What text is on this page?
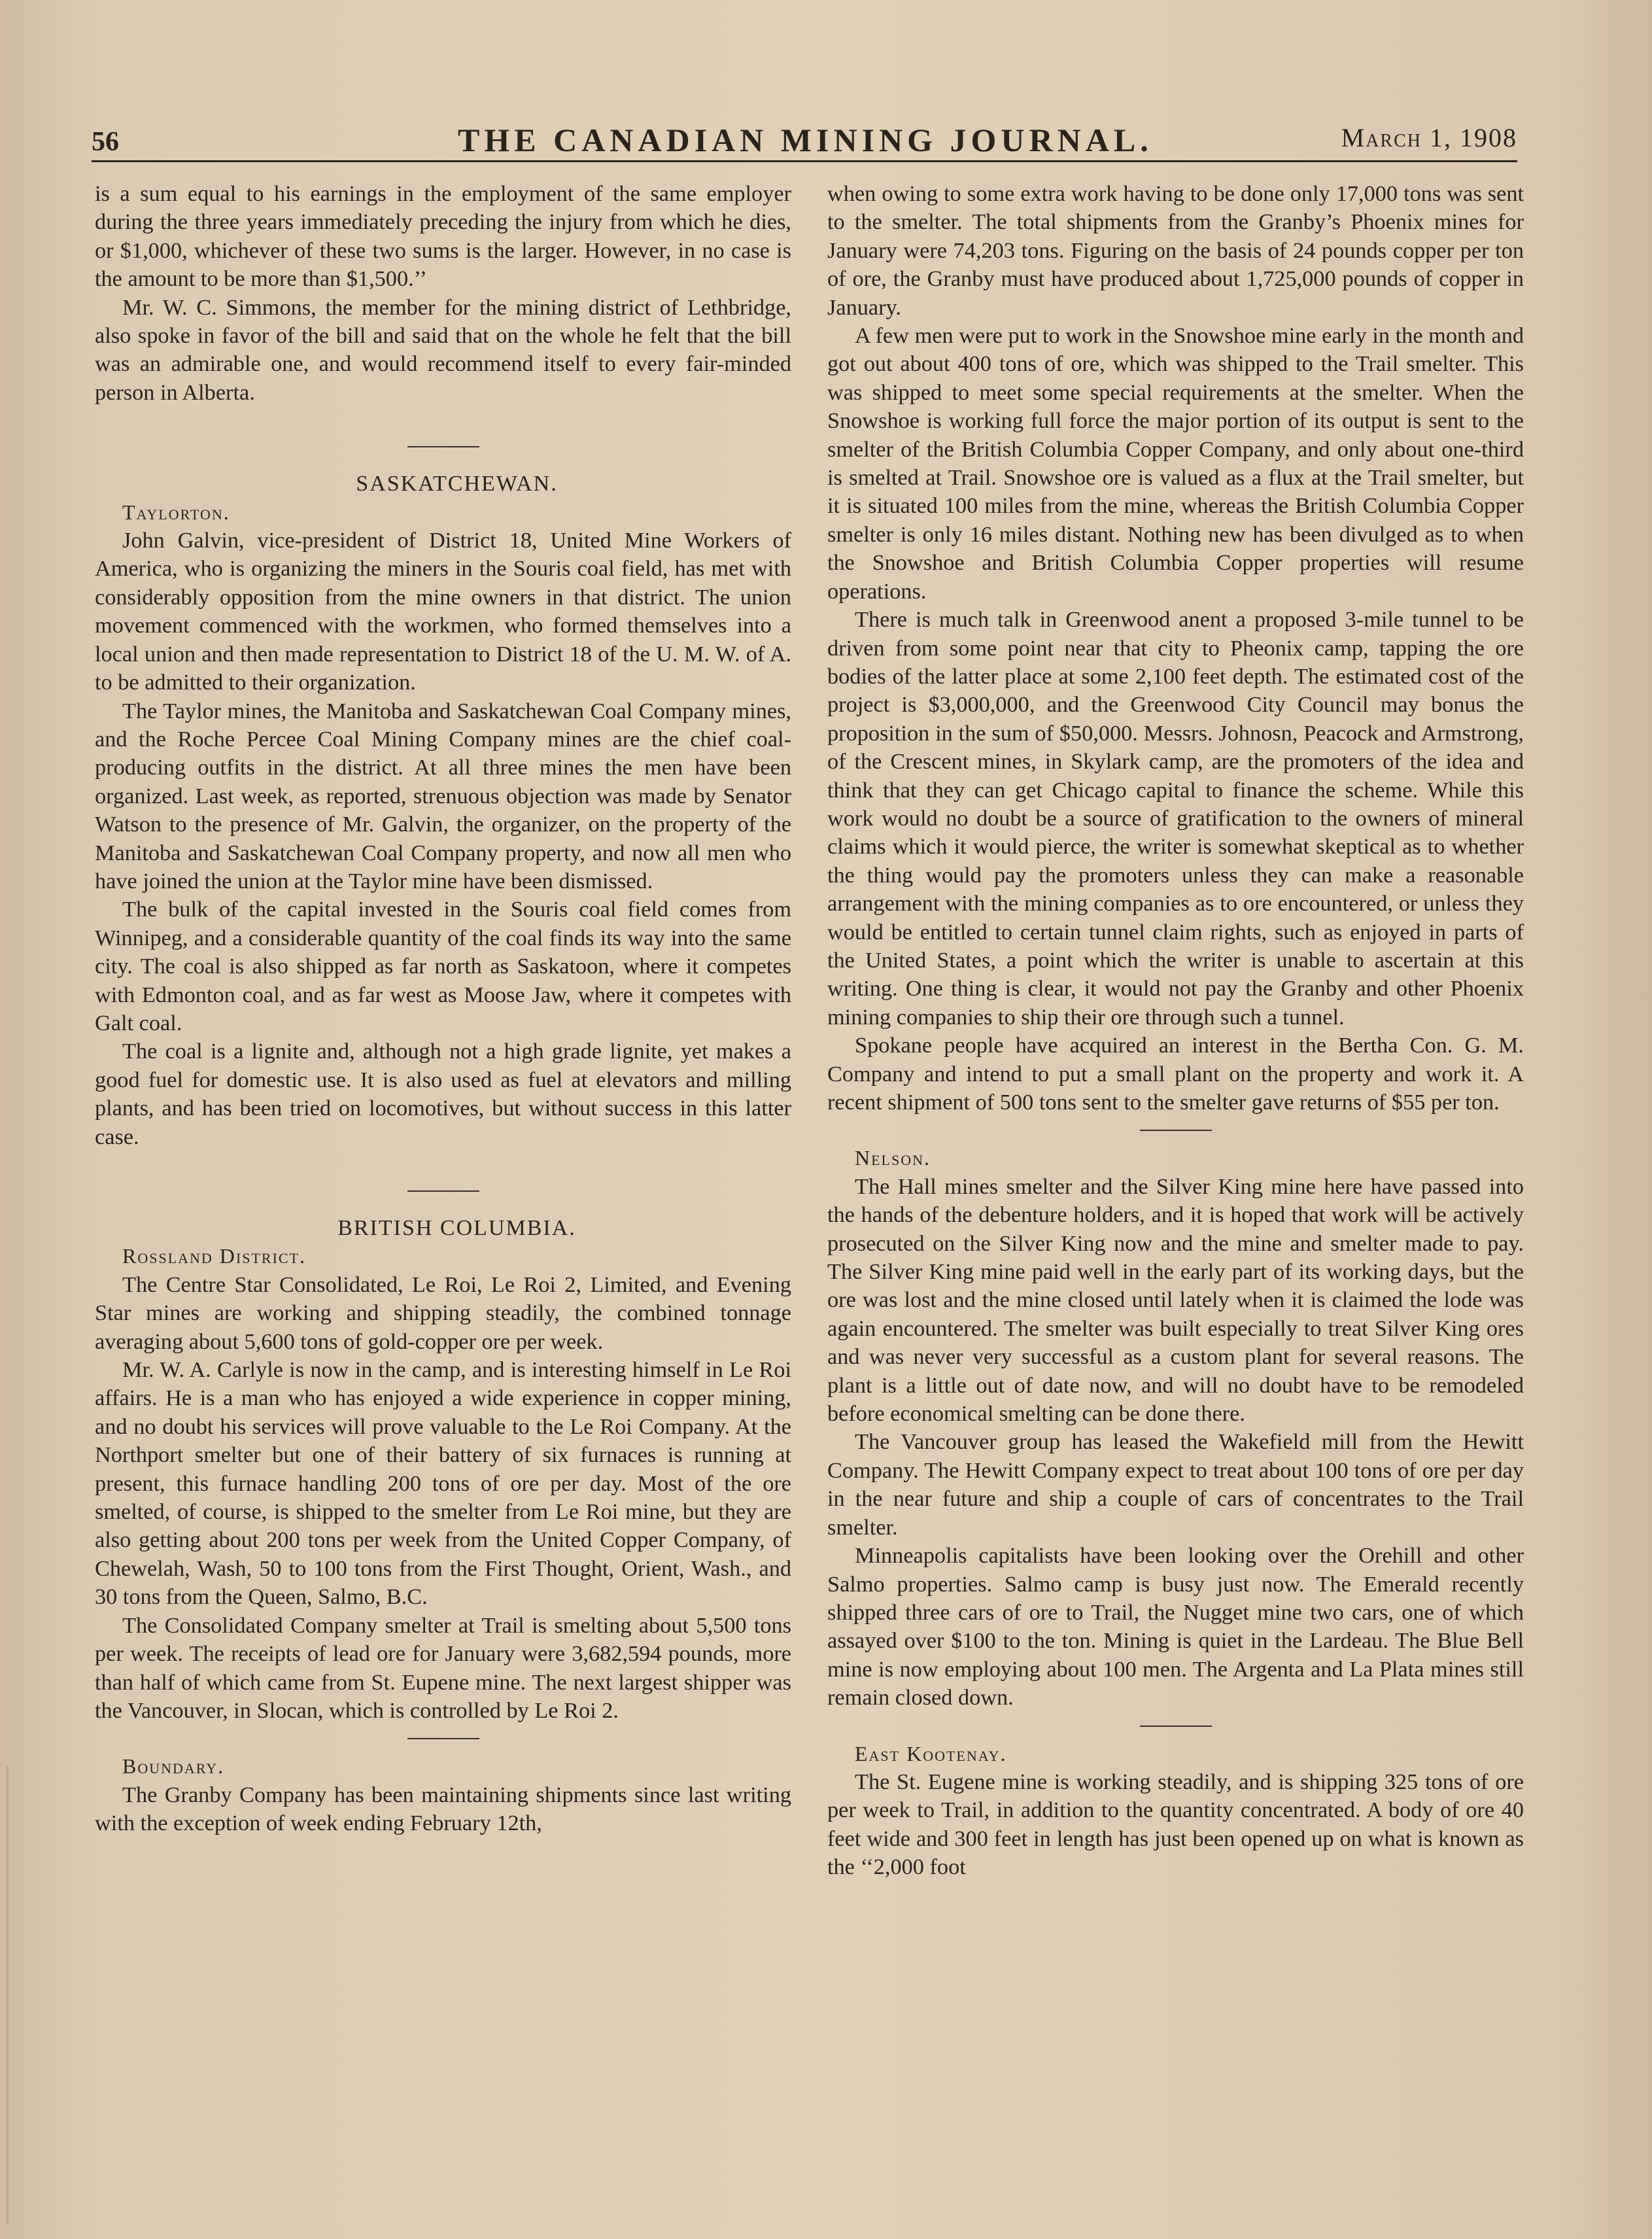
56	THE CANADIAN MINING JOURNAL.	March 1, 1908

is a sum equal to his earnings in the employment of the same employer during the three years immediately preceding the injury from which he dies, or $1,000, whichever of these two sums is the larger. However, in no case is the amount to be more than $1,500.’’

Mr. W. C. Simmons, the member for the mining district of Lethbridge, also spoke in favor of the bill and said that on the whole he felt that the bill was an admirable one, and would recommend itself to every fair-minded person in Alberta.

SASKATCHEWAN.

Taylorton.

John Galvin, vice-president of District 18, United Mine Workers of America, who is organizing the miners in the Souris coal field, has met with considerably opposition from the mine owners in that district. The union movement commenced with the workmen, who formed themselves into a local union and then made representation to District 18 of the U. M. W. of A. to be admitted to their organization.

The Taylor mines, the Manitoba and Saskatchewan Coal Company mines, and the Roche Percee Coal Mining Company mines are the chief coal-producing outfits in the district. At all three mines the men have been organized. Last week, as reported, strenuous objection was made by Senator Watson to the presence of Mr. Galvin, the organizer, on the property of the Manitoba and Saskatchewan Coal Company property, and now all men who have joined the union at the Taylor mine have been dismissed.

The bulk of the capital invested in the Souris coal field comes from Winnipeg, and a considerable quantity of the coal finds its way into the same city. The coal is also shipped as far north as Saskatoon, where it competes with Edmonton coal, and as far west as Moose Jaw, where it competes with Galt coal.

The coal is a lignite and, although not a high grade lignite, yet makes a good fuel for domestic use. It is also used as fuel at elevators and milling plants, and has been tried on locomotives, but without success in this latter case.

BRITISH COLUMBIA.

Rossland District.

The Centre Star Consolidated, Le Roi, Le Roi 2, Limited, and Evening Star mines are working and shipping steadily, the combined tonnage averaging about 5,600 tons of gold-copper ore per week.

Mr. W. A. Carlyle is now in the camp, and is interesting himself in Le Roi affairs. He is a man who has enjoyed a wide experience in copper mining, and no doubt his services will prove valuable to the Le Roi Company. At the Northport smelter but one of their battery of six furnaces is running at present, this furnace handling 200 tons of ore per day. Most of the ore smelted, of course, is shipped to the smelter from Le Roi mine, but they are also getting about 200 tons per week from the United Copper Company, of Chewelah, Wash, 50 to 100 tons from the First Thought, Orient, Wash., and 30 tons from the Queen, Salmo, B.C.

The Consolidated Company smelter at Trail is smelting about 5,500 tons per week. The receipts of lead ore for January were 3,682,594 pounds, more than half of which came from St. Eupene mine. The next largest shipper was the Vancouver, in Slocan, which is controlled by Le Roi 2.

Boundary.

The Granby Company has been maintaining shipments since last writing with the exception of week ending February 12th,

when owing to some extra work having to be done only 17,000 tons was sent to the smelter. The total shipments from the Granby’s Phoenix mines for January were 74,203 tons. Figuring on the basis of 24 pounds copper per ton of ore, the Granby must have produced about 1,725,000 pounds of copper in January.

A few men were put to work in the Snowshoe mine early in the month and got out about 400 tons of ore, which was shipped to the Trail smelter. This was shipped to meet some special requirements at the smelter. When the Snowshoe is working full force the major portion of its output is sent to the smelter of the British Columbia Copper Company, and only about one-third is smelted at Trail. Snowshoe ore is valued as a flux at the Trail smelter, but it is situated 100 miles from the mine, whereas the British Columbia Copper smelter is only 16 miles distant. Nothing new has been divulged as to when the Snowshoe and British Columbia Copper properties will resume operations.

There is much talk in Greenwood anent a proposed 3-mile tunnel to be driven from some point near that city to Pheonix camp, tapping the ore bodies of the latter place at some 2,100 feet depth. The estimated cost of the project is $3,000,000, and the Greenwood City Council may bonus the proposition in the sum of $50,000. Messrs. Johnosn, Peacock and Armstrong, of the Crescent mines, in Skylark camp, are the promoters of the idea and think that they can get Chicago capital to finance the scheme. While this work would no doubt be a source of gratification to the owners of mineral claims which it would pierce, the writer is somewhat skeptical as to whether the thing would pay the promoters unless they can make a reasonable arrangement with the mining companies as to ore encountered, or unless they would be entitled to certain tunnel claim rights, such as enjoyed in parts of the United States, a point which the writer is unable to ascertain at this writing. One thing is clear, it would not pay the Granby and other Phoenix mining companies to ship their ore through such a tunnel.

Spokane people have acquired an interest in the Bertha Con. G. M. Company and intend to put a small plant on the property and work it. A recent shipment of 500 tons sent to the smelter gave returns of $55 per ton.

Nelson.

The Hall mines smelter and the Silver King mine here have passed into the hands of the debenture holders, and it is hoped that work will be actively prosecuted on the Silver King now and the mine and smelter made to pay. The Silver King mine paid well in the early part of its working days, but the ore was lost and the mine closed until lately when it is claimed the lode was again encountered. The smelter was built especially to treat Silver King ores and was never very successful as a custom plant for several reasons. The plant is a little out of date now, and will no doubt have to be remodeled before economical smelting can be done there.

The Vancouver group has leased the Wakefield mill from the Hewitt Company. The Hewitt Company expect to treat about 100 tons of ore per day in the near future and ship a couple of cars of concentrates to the Trail smelter.

Minneapolis capitalists have been looking over the Orehill and other Salmo properties. Salmo camp is busy just now. The Emerald recently shipped three cars of ore to Trail, the Nugget mine two cars, one of which assayed over $100 to the ton. Mining is quiet in the Lardeau. The Blue Bell mine is now employing about 100 men. The Argenta and La Plata mines still remain closed down.

East Kootenay.

The St. Eugene mine is working steadily, and is shipping 325 tons of ore per week to Trail, in addition to the quantity concentrated. A body of ore 40 feet wide and 300 feet in length has just been opened up on what is known as the ‘‘2,000 foot
